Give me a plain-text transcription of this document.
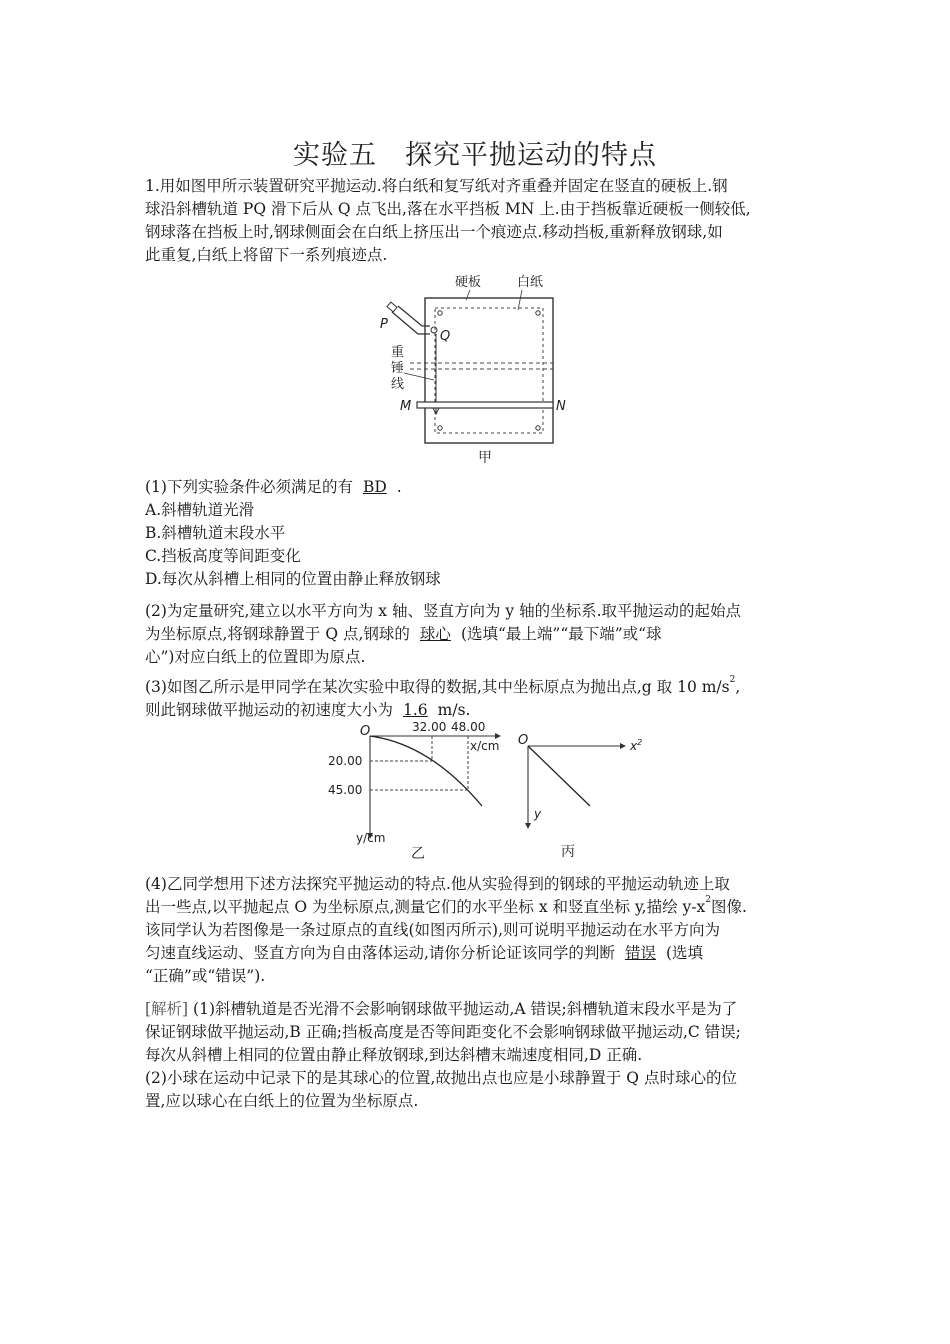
实验五　探究平抛运动的特点
1.用如图甲所示装置研究平抛运动.将白纸和复写纸对齐重叠并固定在竖直的硬板上.钢
球沿斜槽轨道 PQ 滑下后从 Q 点飞出,落在水平挡板 MN 上.由于挡板靠近硬板一侧较低,
钢球落在挡板上时,钢球侧面会在白纸上挤压出一个痕迹点.移动挡板,重新释放钢球,如
此重复,白纸上将留下一系列痕迹点.
硬板	白纸
P
Q
重
锤
线
M	N
甲
(1)下列实验条件必须满足的有 BD .
A.斜槽轨道光滑
B.斜槽轨道末段水平
C.挡板高度等间距变化
D.每次从斜槽上相同的位置由静止释放钢球
(2)为定量研究,建立以水平方向为 x 轴、竖直方向为 y 轴的坐标系.取平抛运动的起始点
为坐标原点,将钢球静置于 Q 点,钢球的 球心 (选填“最上端”“最下端”或“球
心”)对应白纸上的位置即为原点.
(3)如图乙所示是甲同学在某次实验中取得的数据,其中坐标原点为抛出点,g 取 10 $m/s^2$,
则此钢球做平抛运动的初速度大小为 1.6 m/s.
O	32.00 48.00
x/cm
20.00
45.00
y/cm
乙
O	$x^2$
y
丙
(4)乙同学想用下述方法探究平抛运动的特点.他从实验得到的钢球的平抛运动轨迹上取
出一些点,以平抛起点 O 为坐标原点,测量它们的水平坐标 x 和竖直坐标 y,描绘 $y-x^2$图像.
该同学认为若图像是一条过原点的直线(如图丙所示),则可说明平抛运动在水平方向为
匀速直线运动、竖直方向为自由落体运动,请你分析论证该同学的判断 错误 (选填
“正确”或“错误”).
[解析] (1)斜槽轨道是否光滑不会影响钢球做平抛运动,A 错误;斜槽轨道末段水平是为了
保证钢球做平抛运动,B 正确;挡板高度是否等间距变化不会影响钢球做平抛运动,C 错误;
每次从斜槽上相同的位置由静止释放钢球,到达斜槽末端速度相同,D 正确.
(2)小球在运动中记录下的是其球心的位置,故抛出点也应是小球静置于 Q 点时球心的位
置,应以球心在白纸上的位置为坐标原点.
